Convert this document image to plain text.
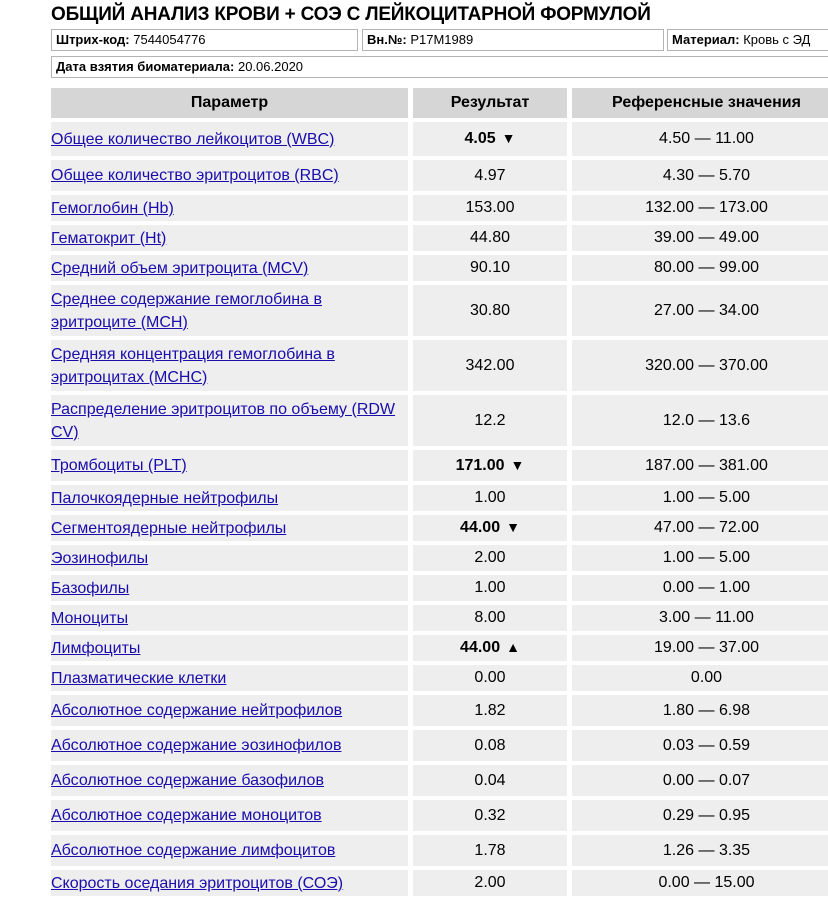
ОБЩИЙ АНАЛИЗ КРОВИ + СОЭ С ЛЕЙКОЦИТАРНОЙ ФОРМУЛОЙ
Штрих-код: 7544054776	Вн.№: P17M1989	Материал: Кровь с ЭД
Дата взятия биоматериала: 20.06.2020
Параметр	Результат	Референсные значения
Общее количество лейкоцитов (WBC)	4.05 ▼	4.50 — 11.00
Общее количество эритроцитов (RBC)	4.97	4.30 — 5.70
Гемоглобин (Hb)	153.00	132.00 — 173.00
Гематокрит (Ht)	44.80	39.00 — 49.00
Средний объем эритроцита (MCV)	90.10	80.00 — 99.00
Среднее содержание гемоглобина в эритроците (MCH)	30.80	27.00 — 34.00
Средняя концентрация гемоглобина в эритроцитах (MCHC)	342.00	320.00 — 370.00
Распределение эритроцитов по объему (RDW CV)	12.2	12.0 — 13.6
Тромбоциты (PLT)	171.00 ▼	187.00 — 381.00
Палочкоядерные нейтрофилы	1.00	1.00 — 5.00
Сегментоядерные нейтрофилы	44.00 ▼	47.00 — 72.00
Эозинофилы	2.00	1.00 — 5.00
Базофилы	1.00	0.00 — 1.00
Моноциты	8.00	3.00 — 11.00
Лимфоциты	44.00 ▲	19.00 — 37.00
Плазматические клетки	0.00	0.00
Абсолютное содержание нейтрофилов	1.82	1.80 — 6.98
Абсолютное содержание эозинофилов	0.08	0.03 — 0.59
Абсолютное содержание базофилов	0.04	0.00 — 0.07
Абсолютное содержание моноцитов	0.32	0.29 — 0.95
Абсолютное содержание лимфоцитов	1.78	1.26 — 3.35
Скорость оседания эритроцитов (СОЭ)	2.00	0.00 — 15.00
